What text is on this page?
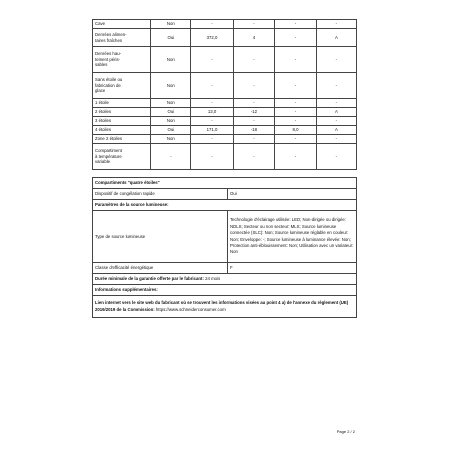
Cave	Non	-	-	-	-
Denrées alimen-
taires fraîches	Oui	372,0	4	-	A
Denrées hau-
tement péris-
sables	Non	-	-	-	-
Sans étoile ou
fabrication de
glace	Non	-	-	-	-
1 étoile	Non	-	-	-	-
2 étoiles	Oui	13,0	-12	-	A
3 étoiles	Non	-	-	-	-
4 étoiles	Oui	171,0	-18	8,0	A
Zone 2 étoiles	Non	-	-	-	-
Compartiment
à température
variable	-	-	-	-	-
Compartiments "quatre étoiles"	
Dispositif de congélation rapide	Oui
Paramètres de la source lumineuse:	
Type de source lumineuse	Technologie d'éclairage utilisée: LED; Non-dirigée ou dirigée: NDLS; Secteur ou non secteur: MLS; Source lumineuse connectée (SLC): Non; Source lumineuse réglable en couleur: Non; Enveloppe: -; Source lumineuse à luminance élevée: Non; Protection anti-éblouissement: Non; Utilisation avec un variateur: Non
Classe d'efficacité énergétique	F
Durée minimale de la garantie offerte par le fabricant: 24 mois	
Informations supplémentaires:	
Lien internet vers le site web du fabricant où se trouvent les informations visées au point 4 a) de l'annexe du règlement (UE) 2019/2019 de la Commission: https://www.schneiderconsumer.com	
Page 2 / 2
